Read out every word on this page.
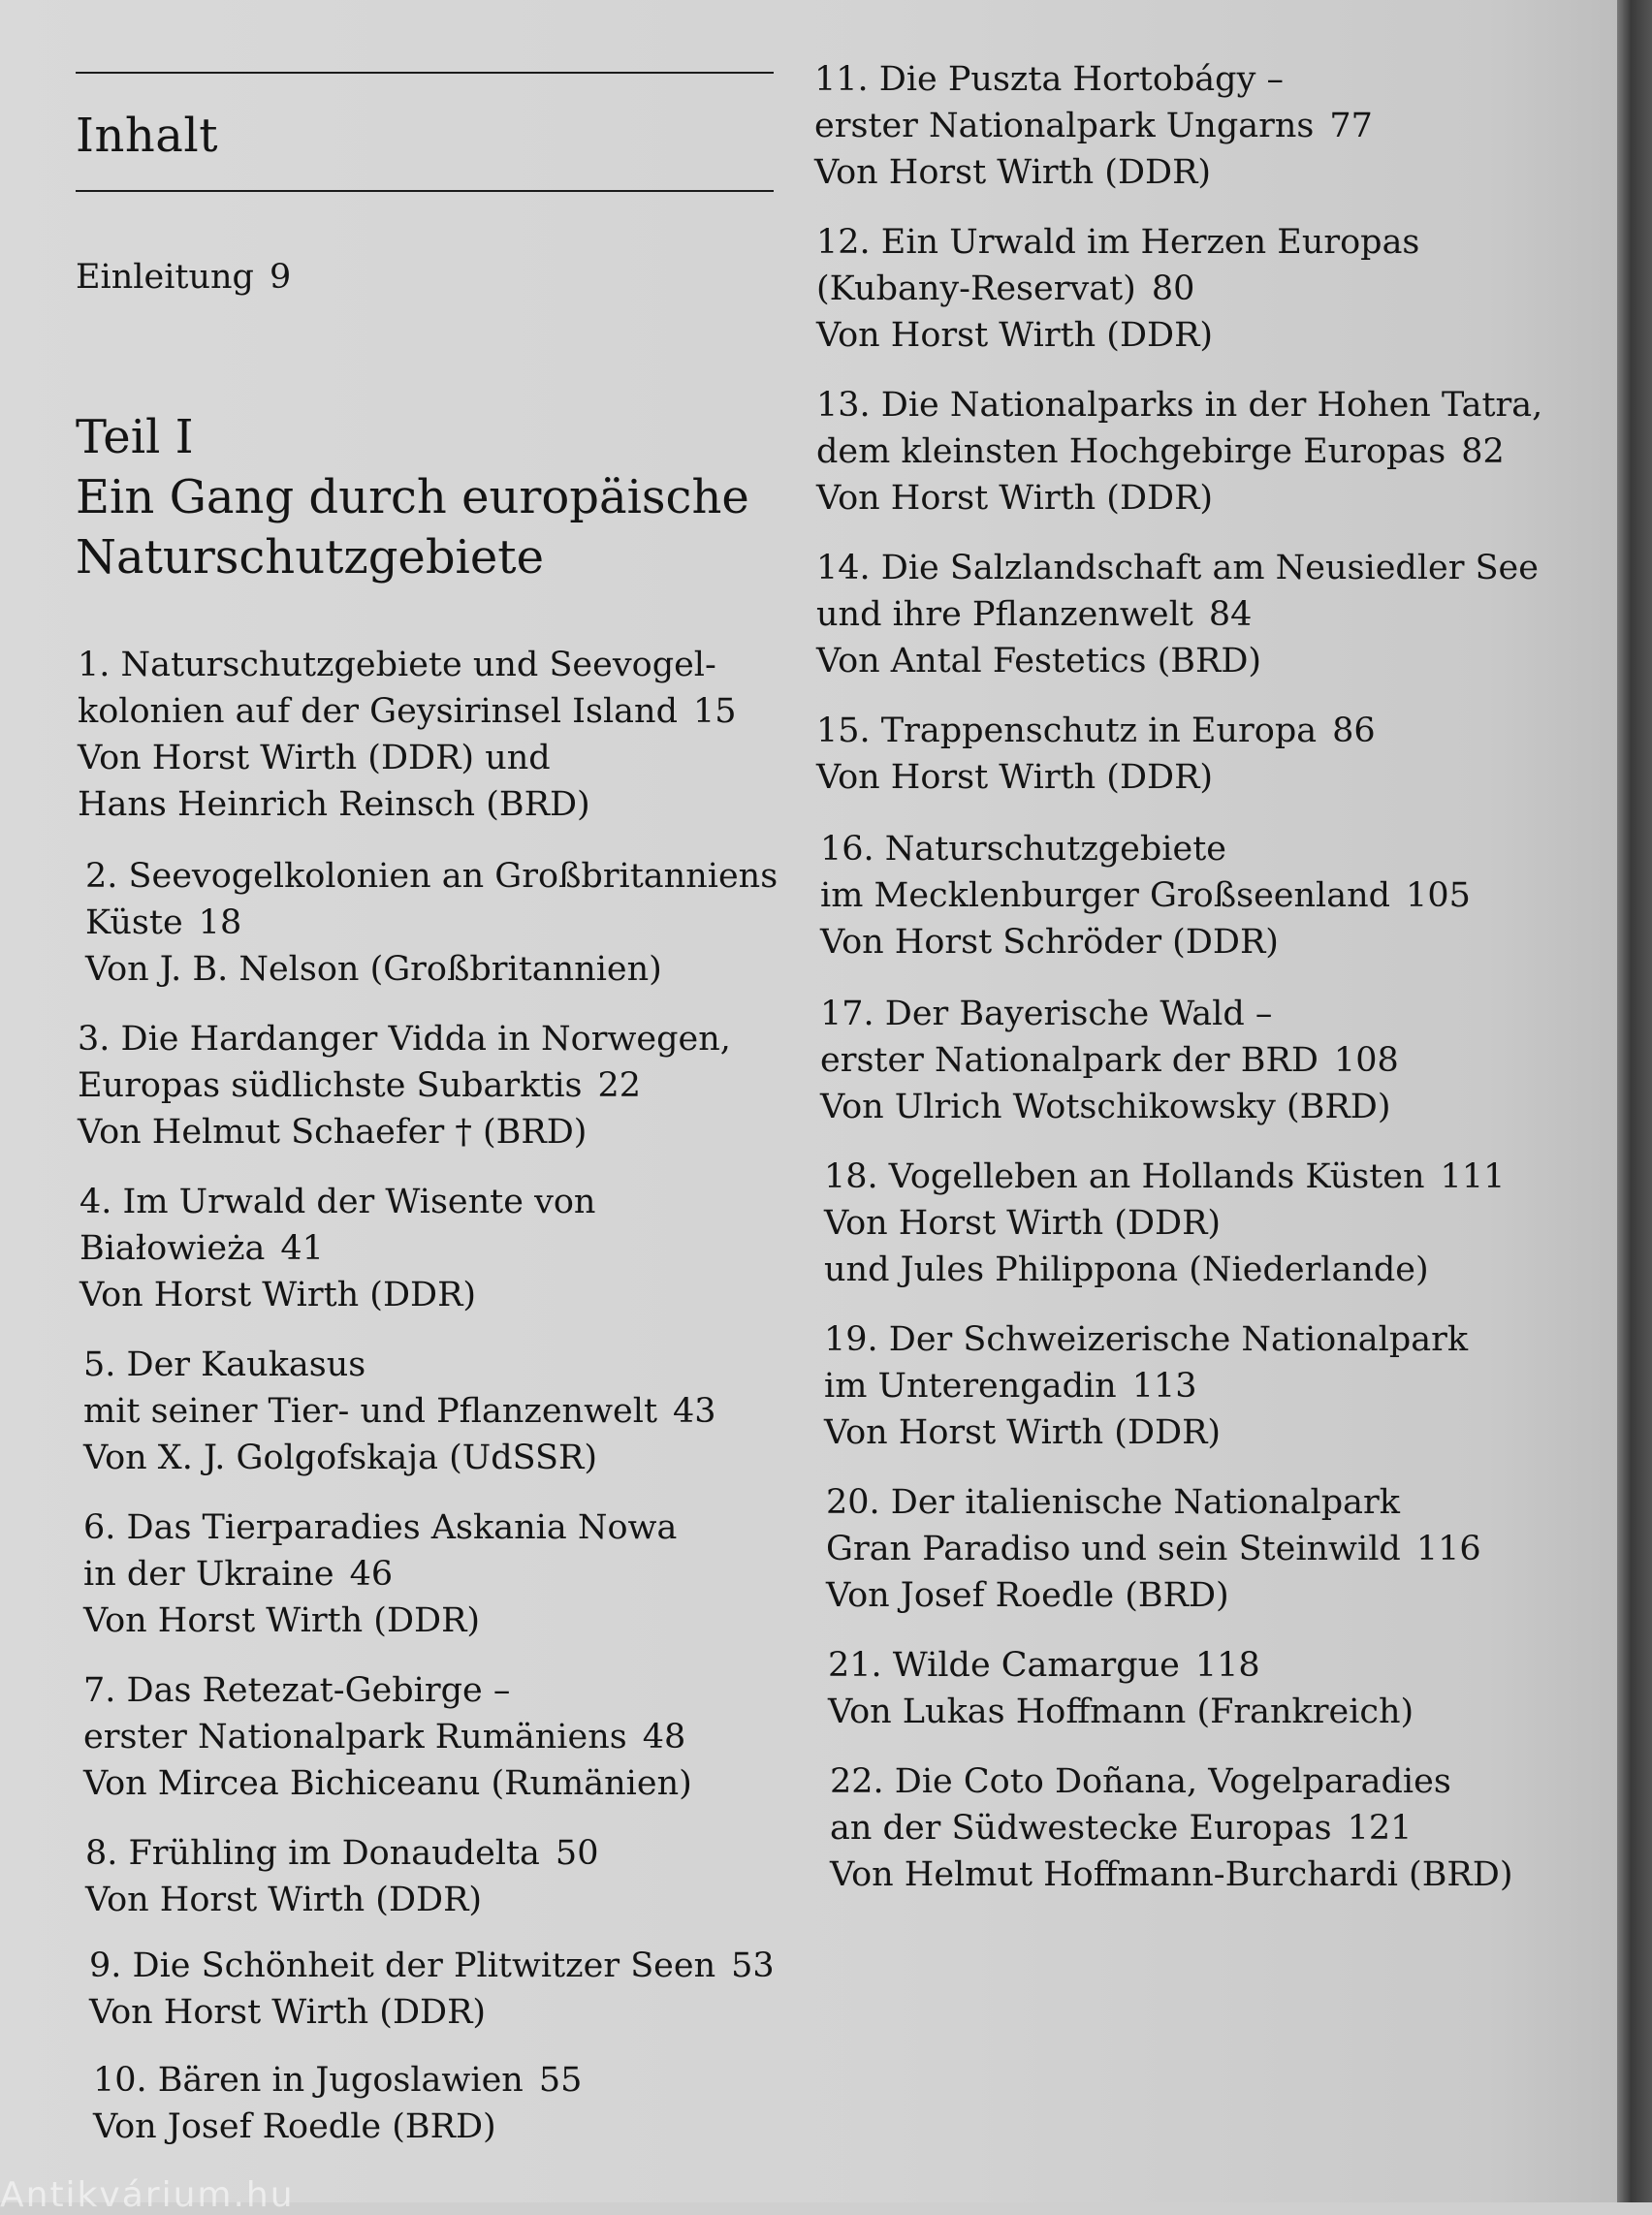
Inhalt
Einleitung 9
Teil I
Ein Gang durch europäische
Naturschutzgebiete
1. Naturschutzgebiete und Seevogel-
kolonien auf der Geysirinsel Island 15
Von Horst Wirth (DDR) und
Hans Heinrich Reinsch (BRD)
2. Seevogelkolonien an Großbritanniens
Küste 18
Von J. B. Nelson (Großbritannien)
3. Die Hardanger Vidda in Norwegen,
Europas südlichste Subarktis 22
Von Helmut Schaefer † (BRD)
4. Im Urwald der Wisente von
Białowieża 41
Von Horst Wirth (DDR)
5. Der Kaukasus
mit seiner Tier- und Pflanzenwelt 43
Von X. J. Golgofskaja (UdSSR)
6. Das Tierparadies Askania Nowa
in der Ukraine 46
Von Horst Wirth (DDR)
7. Das Retezat-Gebirge –
erster Nationalpark Rumäniens 48
Von Mircea Bichiceanu (Rumänien)
8. Frühling im Donaudelta 50
Von Horst Wirth (DDR)
9. Die Schönheit der Plitwitzer Seen 53
Von Horst Wirth (DDR)
10. Bären in Jugoslawien 55
Von Josef Roedle (BRD)
11. Die Puszta Hortobágy –
erster Nationalpark Ungarns 77
Von Horst Wirth (DDR)
12. Ein Urwald im Herzen Europas
(Kubany-Reservat) 80
Von Horst Wirth (DDR)
13. Die Nationalparks in der Hohen Tatra,
dem kleinsten Hochgebirge Europas 82
Von Horst Wirth (DDR)
14. Die Salzlandschaft am Neusiedler See
und ihre Pflanzenwelt 84
Von Antal Festetics (BRD)
15. Trappenschutz in Europa 86
Von Horst Wirth (DDR)
16. Naturschutzgebiete
im Mecklenburger Großseenland 105
Von Horst Schröder (DDR)
17. Der Bayerische Wald –
erster Nationalpark der BRD 108
Von Ulrich Wotschikowsky (BRD)
18. Vogelleben an Hollands Küsten 111
Von Horst Wirth (DDR)
und Jules Philippona (Niederlande)
19. Der Schweizerische Nationalpark
im Unterengadin 113
Von Horst Wirth (DDR)
20. Der italienische Nationalpark
Gran Paradiso und sein Steinwild 116
Von Josef Roedle (BRD)
21. Wilde Camargue 118
Von Lukas Hoffmann (Frankreich)
22. Die Coto Doñana, Vogelparadies
an der Südwestecke Europas 121
Von Helmut Hoffmann-Burchardi (BRD)
Antikvárium.hu
